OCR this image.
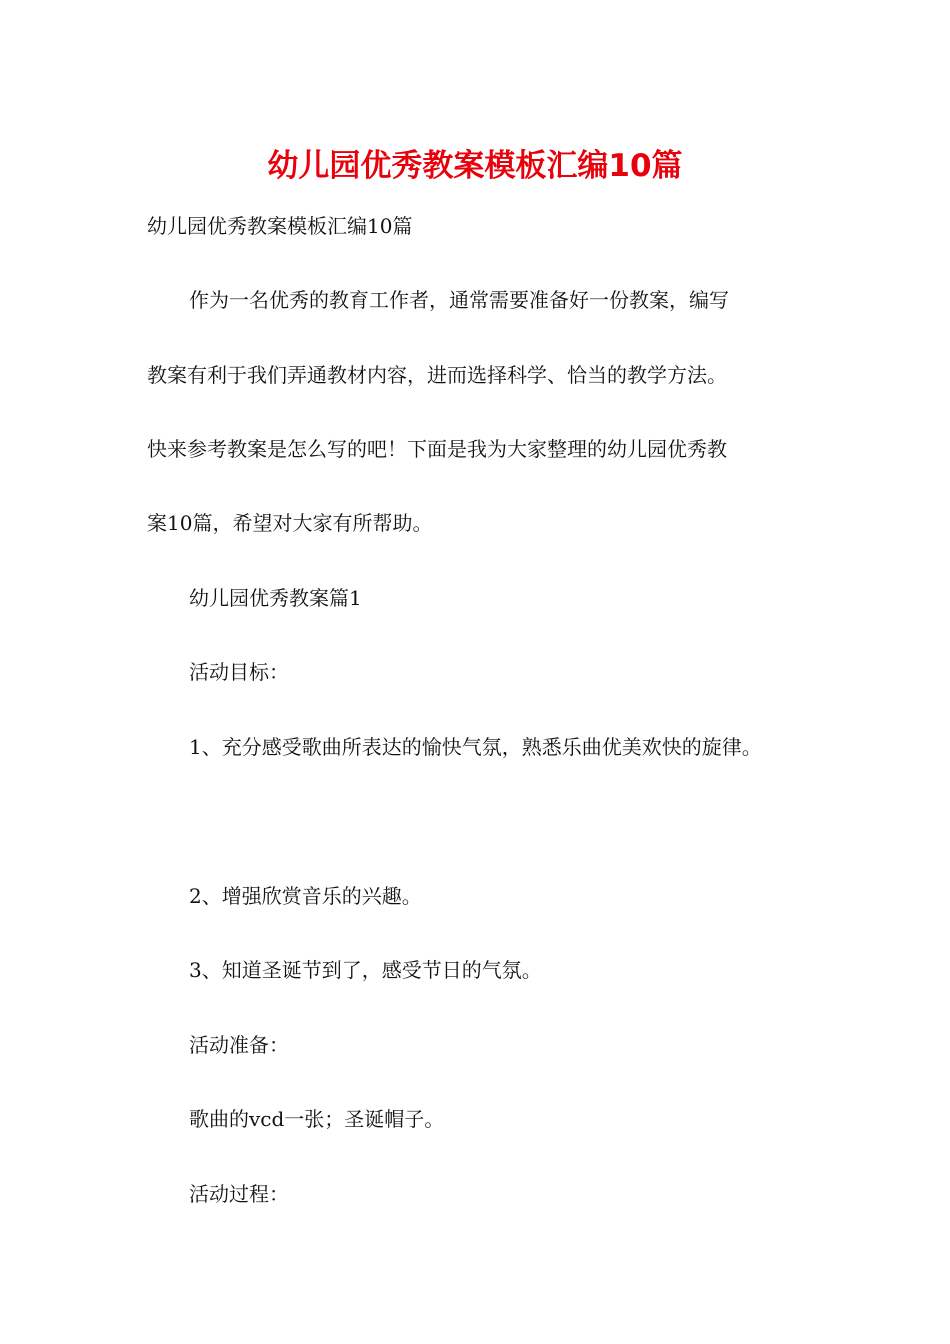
幼儿园优秀教案模板汇编10篇

幼儿园优秀教案模板汇编10篇

作为一名优秀的教育工作者，通常需要准备好一份教案，编写

教案有利于我们弄通教材内容，进而选择科学、恰当的教学方法。

快来参考教案是怎么写的吧！下面是我为大家整理的幼儿园优秀教

案10篇，希望对大家有所帮助。

幼儿园优秀教案篇1

活动目标：

1、充分感受歌曲所表达的愉快气氛，熟悉乐曲优美欢快的旋律。

2、增强欣赏音乐的兴趣。

3、知道圣诞节到了，感受节日的气氛。

活动准备：

歌曲的vcd一张；圣诞帽子。

活动过程：
